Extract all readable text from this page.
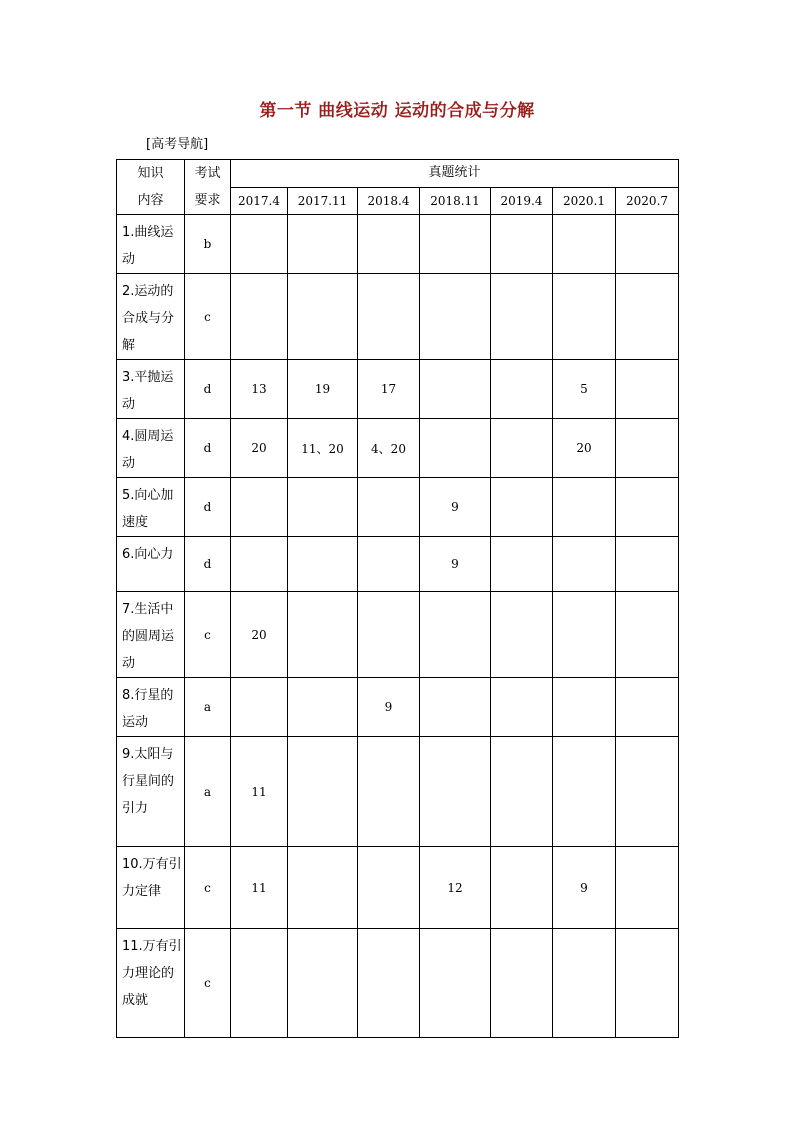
第一节 曲线运动 运动的合成与分解
[高考导航]
知识内容	考试要求	真题统计						
		2017.4	2017.11	2018.4	2018.11	2019.4	2020.1	2020.7
1.曲线运动	b							
2.运动的合成与分解	c							
3.平抛运动	d	13	19	17			5	
4.圆周运动	d	20	11、20	4、20			20	
5.向心加速度	d				9			
6.向心力	d				9			
7.生活中的圆周运动	c	20						
8.行星的运动	a			9				
9.太阳与行星间的引力	a	11						
10.万有引力定律	c	11			12		9	
11.万有引力理论的成就	c							
